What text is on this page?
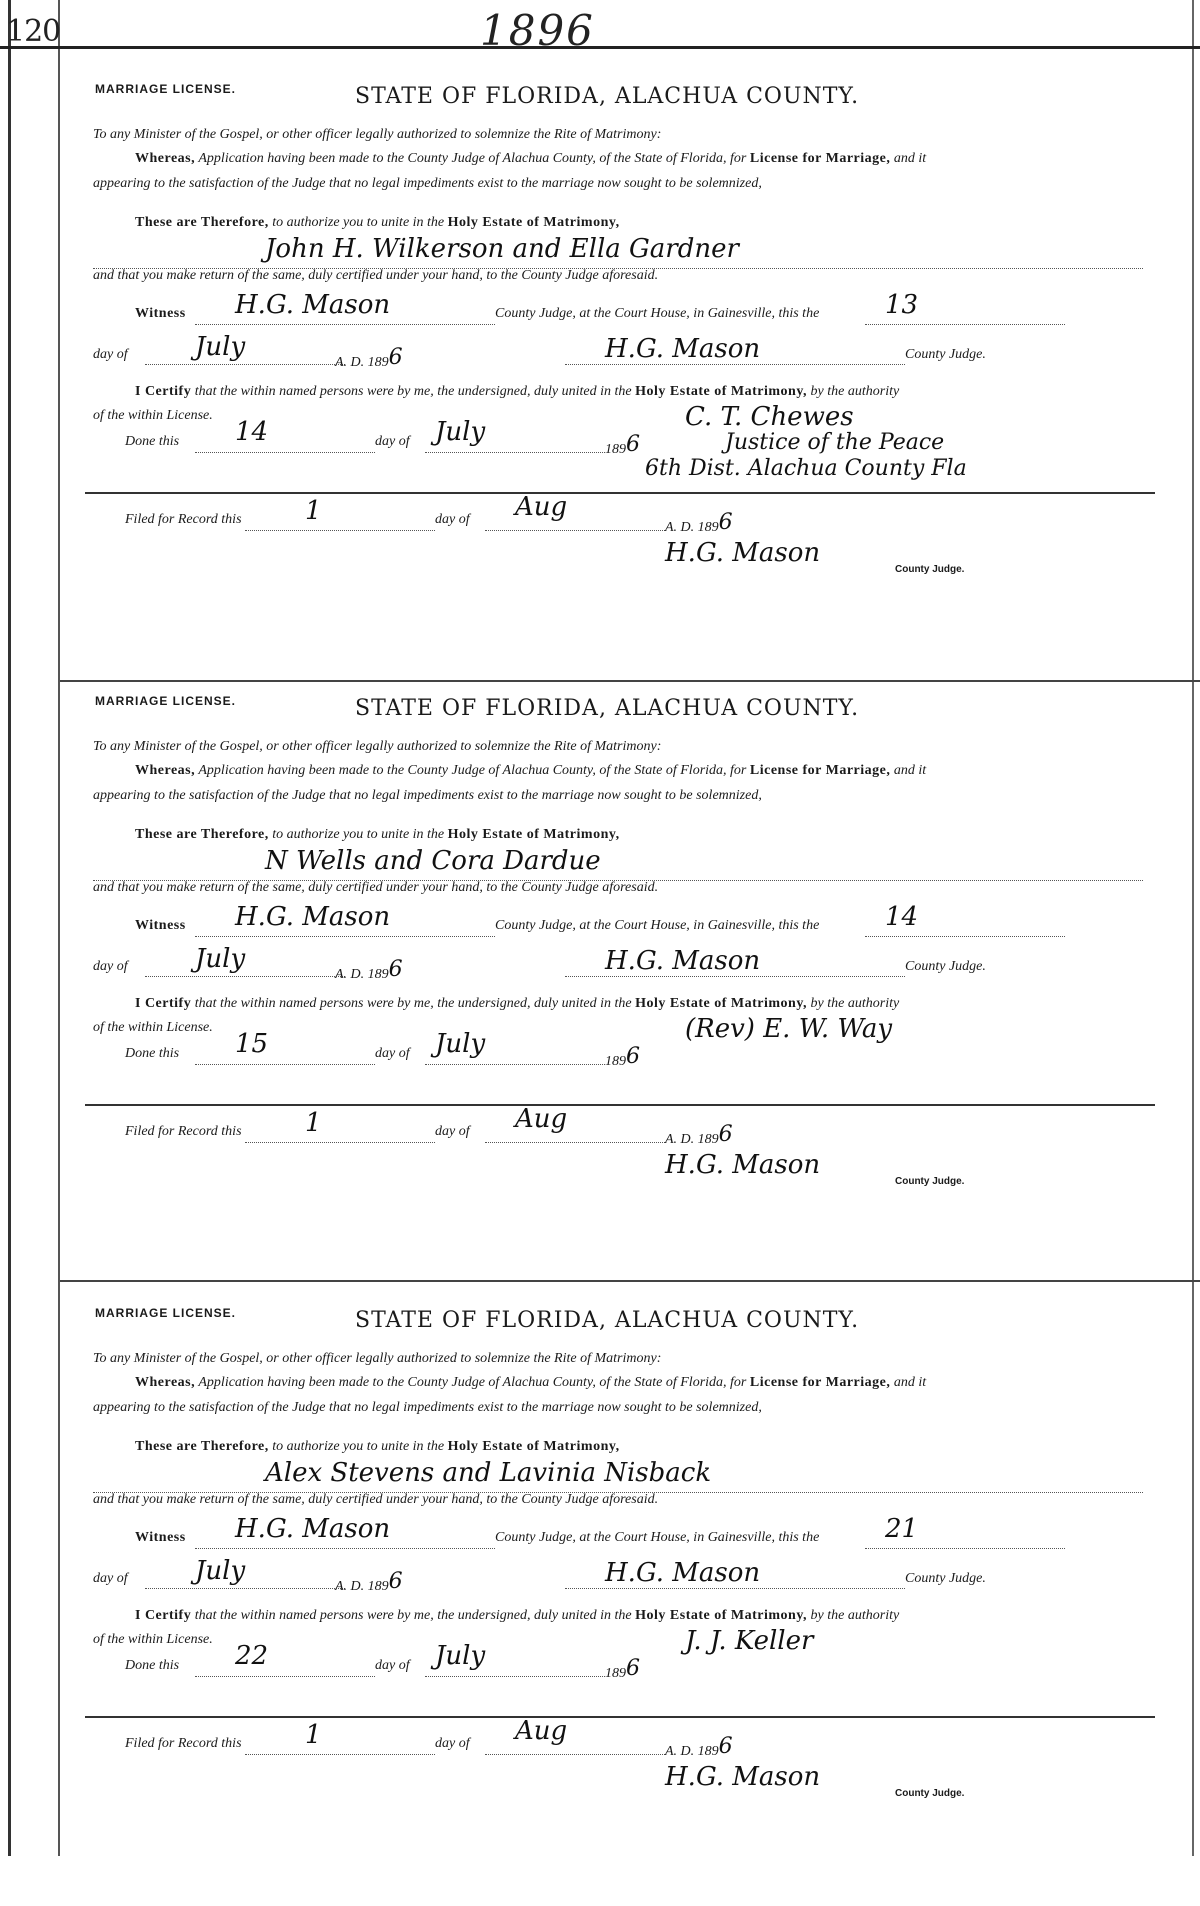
120	1896
MARRIAGE LICENSE.	STATE OF FLORIDA, ALACHUA COUNTY.
To any Minister of the Gospel, or other officer legally authorized to solemnize the Rite of Matrimony:
Whereas, Application having been made to the County Judge of Alachua County, of the State of Florida, for License for Marriage, and it
appearing to the satisfaction of the Judge that no legal impediments exist to the marriage now sought to be solemnized,
These are Therefore, to authorize you to unite in the Holy Estate of Matrimony,
John H. Wilkerson and Ella Gardner
and that you make return of the same, duly certified under your hand, to the County Judge aforesaid.
Witness H.G. Mason	County Judge, at the Court House, in Gainesville, this the	13
day of	July
A. D. 1896	H.G. Mason	County Judge.
I Certify that the within named persons were by me, the undersigned, duly united in the Holy Estate of Matrimony, by the authority
of the within License.
Done this 14	day of July
1896
C. T. Chewes
Justice of the Peace
6th Dist. Alachua County Fla
Filed for Record this 1	day of Aug
A. D. 1896
H.G. Mason
County Judge.
MARRIAGE LICENSE.	STATE OF FLORIDA, ALACHUA COUNTY.
To any Minister of the Gospel, or other officer legally authorized to solemnize the Rite of Matrimony:
Whereas, Application having been made to the County Judge of Alachua County, of the State of Florida, for License for Marriage, and it
appearing to the satisfaction of the Judge that no legal impediments exist to the marriage now sought to be solemnized,
These are Therefore, to authorize you to unite in the Holy Estate of Matrimony,
N Wells and Cora Dardue
and that you make return of the same, duly certified under your hand, to the County Judge aforesaid.
Witness H.G. Mason	County Judge, at the Court House, in Gainesville, this the	14
day of	July
A. D. 1896	H.G. Mason	County Judge.
I Certify that the within named persons were by me, the undersigned, duly united in the Holy Estate of Matrimony, by the authority
of the within License.
Done this 15	day of July
1896
(Rev) E. W. Way
Filed for Record this 1	day of Aug
A. D. 1896
H.G. Mason
County Judge.
MARRIAGE LICENSE.	STATE OF FLORIDA, ALACHUA COUNTY.
To any Minister of the Gospel, or other officer legally authorized to solemnize the Rite of Matrimony:
Whereas, Application having been made to the County Judge of Alachua County, of the State of Florida, for License for Marriage, and it
appearing to the satisfaction of the Judge that no legal impediments exist to the marriage now sought to be solemnized,
These are Therefore, to authorize you to unite in the Holy Estate of Matrimony,
Alex Stevens and Lavinia Nisback
and that you make return of the same, duly certified under your hand, to the County Judge aforesaid.
Witness H.G. Mason	County Judge, at the Court House, in Gainesville, this the	21
day of	July
A. D. 1896	H.G. Mason	County Judge.
I Certify that the within named persons were by me, the undersigned, duly united in the Holy Estate of Matrimony, by the authority
of the within License.
Done this 22	day of July
1896
J. J. Keller
Filed for Record this 1	day of Aug
A. D. 1896
H.G. Mason
County Judge.
